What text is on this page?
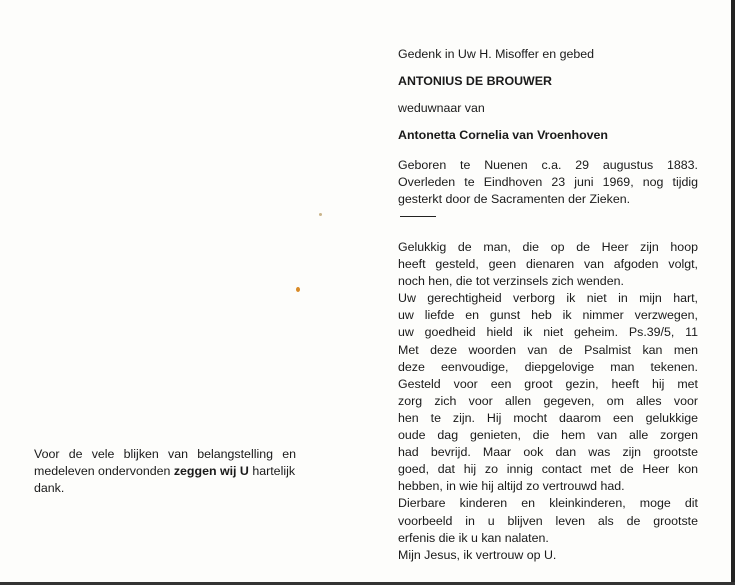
Gedenk in Uw H. Misoffer en gebed
ANTONIUS DE BROUWER
weduwnaar van
Antonetta Cornelia van Vroenhoven
Geboren te Nuenen c.a. 29 augustus 1883.
Overleden te Eindhoven 23 juni 1969, nog tijdig
gesterkt door de Sacramenten der Zieken.
Gelukkig de man, die op de Heer zijn hoop
heeft gesteld, geen dienaren van afgoden volgt,
noch hen, die tot verzinsels zich wenden.
Uw gerechtigheid verborg ik niet in mijn hart,
uw liefde en gunst heb ik nimmer verzwegen,
uw goedheid hield ik niet geheim. Ps.39/5, 11
Met deze woorden van de Psalmist kan men
deze eenvoudige, diepgelovige man tekenen.
Gesteld voor een groot gezin, heeft hij met
zorg zich voor allen gegeven, om alles voor
hen te zijn. Hij mocht daarom een gelukkige
oude dag genieten, die hem van alle zorgen
had bevrijd. Maar ook dan was zijn grootste
goed, dat hij zo innig contact met de Heer kon
hebben, in wie hij altijd zo vertrouwd had.
Dierbare kinderen en kleinkinderen, moge dit
voorbeeld in u blijven leven als de grootste
erfenis die ik u kan nalaten.
Mijn Jesus, ik vertrouw op U.
Voor de vele blijken van belangstelling en
medeleven ondervonden zeggen wij U hartelijk
dank.
